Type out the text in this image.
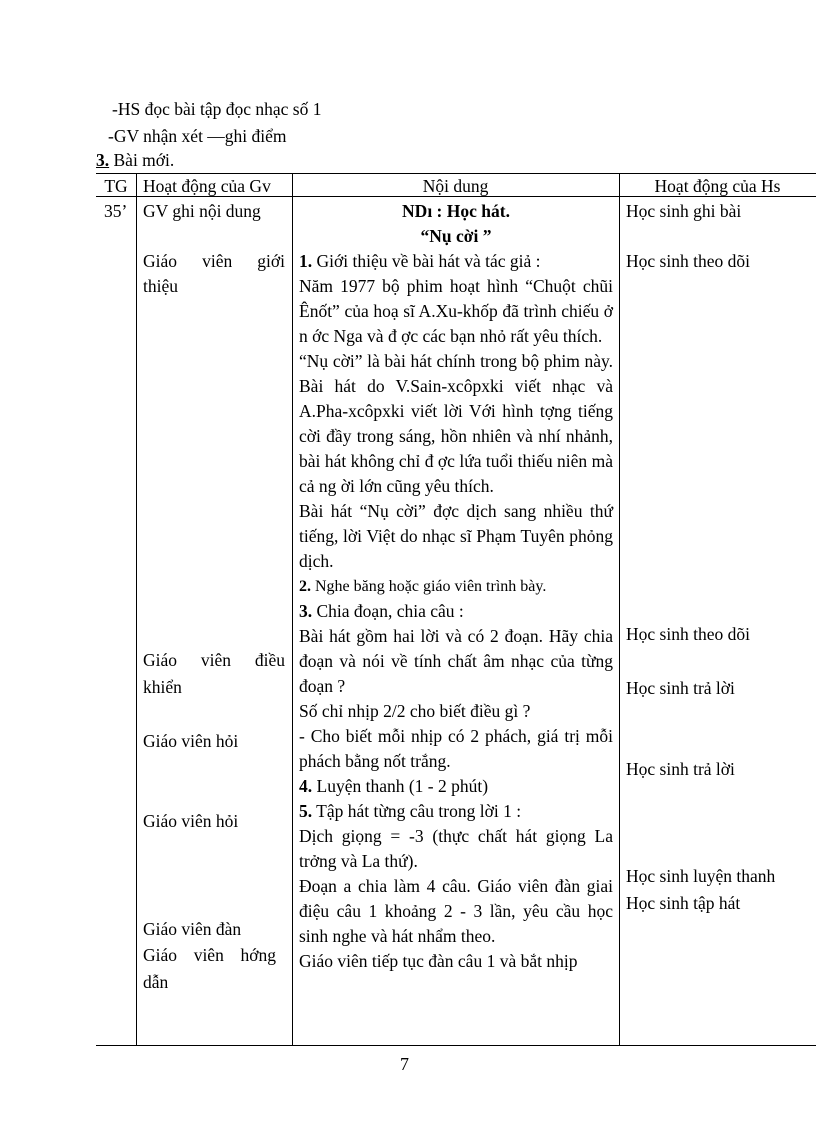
-HS đọc bài tập đọc nhạc số 1
-GV nhận xét —ghi điểm
3. Bài mới.
TG Hoạt động của Gv	Nội dung	Hoạt động của Hs
35’ GV ghi nội dung
Giáo viên giới
thiệu
Giáo viên điều
khiển
Giáo viên hỏi
Giáo viên hỏi
Giáo viên đàn
Giáo viên hớng
dẫn

NDı : Học hát.

“Nụ cời ”

1. Giới thiệu về bài hát và tác giả :

Năm 1977 bộ phim hoạt hình “Chuột chũi Ênốt” của hoạ sĩ A.Xu-khốp đã trình chiếu ở n ớc Nga và đ ợc các bạn nhỏ rất yêu thích.

“Nụ cời” là bài hát chính trong bộ phim này. Bài hát do V.Sain-xcôpxki viết nhạc và A.Pha-xcôpxki viết lời Với hình tợng tiếng cời đầy trong sáng, hồn nhiên và nhí nhảnh, bài hát không chỉ đ ợc lứa tuổi thiếu niên mà cả ng ời lớn cũng yêu thích.

Bài hát “Nụ cời” đợc dịch sang nhiều thứ tiếng, lời Việt do nhạc sĩ Phạm Tuyên phỏng dịch.

2. Nghe băng hoặc giáo viên trình bày.

3. Chia đoạn, chia câu :

Bài hát gồm hai lời và có 2 đoạn. Hãy chia đoạn và nói về tính chất âm nhạc của từng đoạn ?

Số chỉ nhịp 2/2 cho biết điều gì ?

- Cho biết mỗi nhịp có 2 phách, giá trị mỗi phách bằng nốt trắng.

4. Luyện thanh (1 - 2 phút)

5. Tập hát từng câu trong lời 1 :

Dịch giọng = -3 (thực chất hát giọng La trởng và La thứ).

Đoạn a chia làm 4 câu. Giáo viên đàn giai điệu câu 1 khoảng 2 - 3 lần, yêu cầu học sinh nghe và hát nhẩm theo.

Giáo viên tiếp tục đàn câu 1 và bắt nhịp

Học sinh ghi bài
Học sinh theo dõi
Học sinh theo dõi
Học sinh trả lời
Học sinh trả lời
Học sinh luyện thanh
Học sinh tập hát
7
